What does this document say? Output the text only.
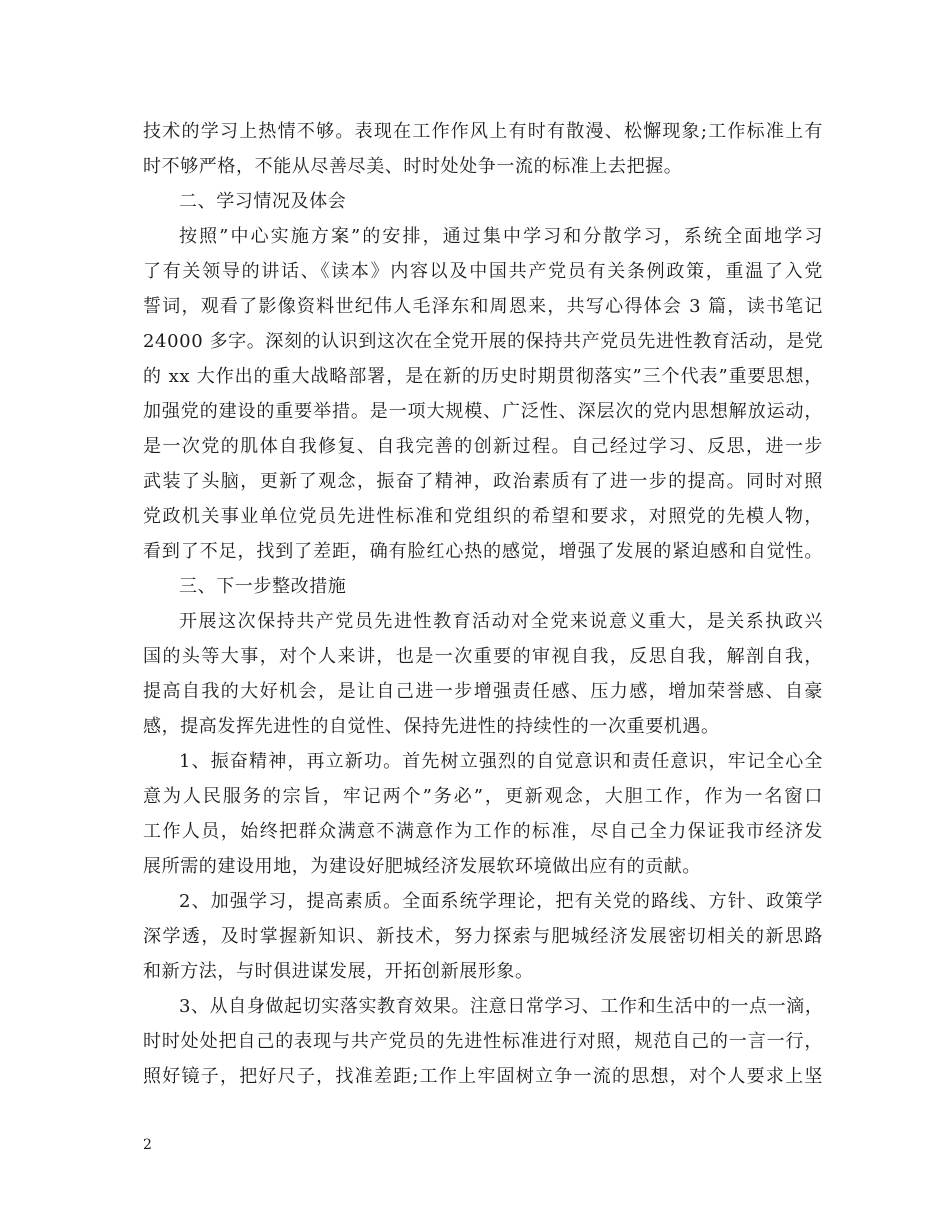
技术的学习上热情不够。表现在工作作风上有时有散漫、松懈现象;工作标准上有
时不够严格，不能从尽善尽美、时时处处争一流的标准上去把握。
二、学习情况及体会
按照”中心实施方案”的安排，通过集中学习和分散学习，系统全面地学习
了有关领导的讲话、《读本》内容以及中国共产党员有关条例政策，重温了入党
誓词，观看了影像资料世纪伟人毛泽东和周恩来，共写心得体会 3 篇，读书笔记
24000 多字。深刻的认识到这次在全党开展的保持共产党员先进性教育活动，是党
的 xx 大作出的重大战略部署，是在新的历史时期贯彻落实”三个代表”重要思想，
加强党的建设的重要举措。是一项大规模、广泛性、深层次的党内思想解放运动，
是一次党的肌体自我修复、自我完善的创新过程。自己经过学习、反思，进一步
武装了头脑，更新了观念，振奋了精神，政治素质有了进一步的提高。同时对照
党政机关事业单位党员先进性标准和党组织的希望和要求，对照党的先模人物，
看到了不足，找到了差距，确有脸红心热的感觉，增强了发展的紧迫感和自觉性。
三、下一步整改措施
开展这次保持共产党员先进性教育活动对全党来说意义重大，是关系执政兴
国的头等大事，对个人来讲，也是一次重要的审视自我，反思自我，解剖自我，
提高自我的大好机会，是让自己进一步增强责任感、压力感，增加荣誉感、自豪
感，提高发挥先进性的自觉性、保持先进性的持续性的一次重要机遇。
1、振奋精神，再立新功。首先树立强烈的自觉意识和责任意识，牢记全心全
意为人民服务的宗旨，牢记两个”务必”，更新观念，大胆工作，作为一名窗口
工作人员，始终把群众满意不满意作为工作的标准，尽自己全力保证我市经济发
展所需的建设用地，为建设好肥城经济发展软环境做出应有的贡献。
2、加强学习，提高素质。全面系统学理论，把有关党的路线、方针、政策学
深学透，及时掌握新知识、新技术，努力探索与肥城经济发展密切相关的新思路
和新方法，与时俱进谋发展，开拓创新展形象。
3、从自身做起切实落实教育效果。注意日常学习、工作和生活中的一点一滴，
时时处处把自己的表现与共产党员的先进性标准进行对照，规范自己的一言一行，
照好镜子，把好尺子，找准差距;工作上牢固树立争一流的思想，对个人要求上坚
2
